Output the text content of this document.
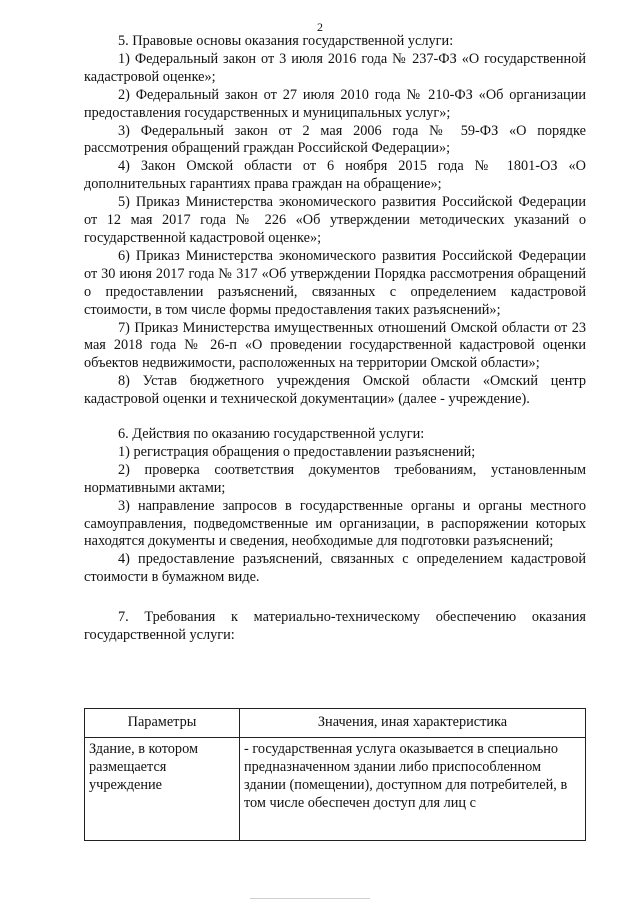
2

5. Правовые основы оказания государственной услуги:

1) Федеральный закон от 3 июля 2016 года № 237-ФЗ «О государственной кадастровой оценке»;

2) Федеральный закон от 27 июля 2010 года № 210-ФЗ «Об организации предоставления государственных и муниципальных услуг»;

3) Федеральный закон от 2 мая 2006 года № 59-ФЗ «О порядке рассмотрения обращений граждан Российской Федерации»;

4) Закон Омской области от 6 ноября 2015 года № 1801-ОЗ «О дополнительных гарантиях права граждан на обращение»;

5) Приказ Министерства экономического развития Российской Федерации от 12 мая 2017 года № 226 «Об утверждении методических указаний о государственной кадастровой оценке»;

6) Приказ Министерства экономического развития Российской Федерации от 30 июня 2017 года № 317 «Об утверждении Порядка рассмотрения обращений о предоставлении разъяснений, связанных с определением кадастровой стоимости, в том числе формы предоставления таких разъяснений»;

7) Приказ Министерства имущественных отношений Омской области от 23 мая 2018 года № 26-п «О проведении государственной кадастровой оценки объектов недвижимости, расположенных на территории Омской области»;

8) Устав бюджетного учреждения Омской области «Омский центр кадастровой оценки и технической документации» (далее - учреждение).

6. Действия по оказанию государственной услуги:

1) регистрация обращения о предоставлении разъяснений;

2) проверка соответствия документов требованиям, установленным нормативными актами;

3) направление запросов в государственные органы и органы местного самоуправления, подведомственные им организации, в распоряжении которых находятся документы и сведения, необходимые для подготовки разъяснений;

4) предоставление разъяснений, связанных с определением кадастровой стоимости в бумажном виде.

7. Требования к материально-техническому обеспечению оказания государственной услуги:

Параметры	Значения, иная характеристика
Здание, в котором размещается учреждение	- государственная услуга оказывается в специально предназначенном здании либо приспособленном здании (помещении), доступном для потребителей, в том числе обеспечен доступ для лиц с
